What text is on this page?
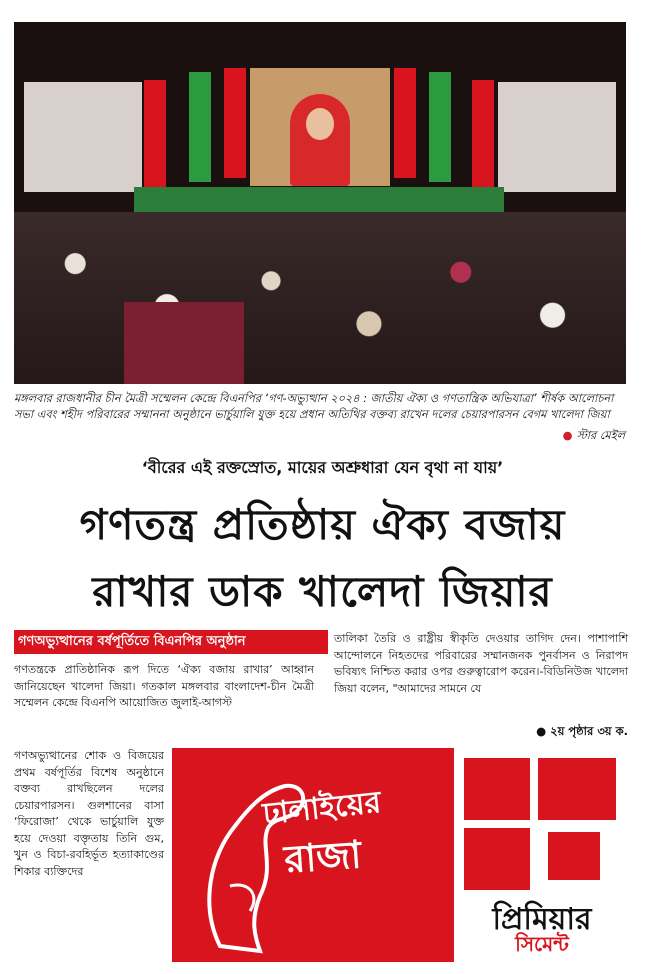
মঙ্গলবার রাজধানীর চীন মৈত্রী সম্মেলন কেন্দ্রে বিএনপির ‘গণ-অভ্যুত্থান ২০২৪ : জাতীয় ঐক্য ও গণতান্ত্রিক অভিযাত্রা’ শীর্ষক আলোচনা সভা এবং শহীদ পরিবারের সম্মাননা অনুষ্ঠানে ভার্চুয়ালি যুক্ত হয়ে প্রধান অতিথির বক্তব্য রাখেন দলের চেয়ারপারসন বেগম খালেদা জিয়া
● স্টার মেইল
‘বীরের এই রক্তস্রোত, মায়ের অশ্রুধারা যেন বৃথা না যায়’
গণতন্ত্র প্রতিষ্ঠায় ঐক্য বজায়
রাখার ডাক খালেদা জিয়ার
গণঅভ্যুত্থানের বর্ষপূর্তিতে বিএনপির অনুষ্ঠান
গণতন্ত্রকে প্রাতিষ্ঠানিক রূপ দিতে ‘ঐক্য বজায় রাখার’ আহ্বান জানিয়েছেন খালেদা জিয়া। গতকাল মঙ্গলবার বাংলাদেশ-চীন মৈত্রী সম্মেলন কেন্দ্রে বিএনপি আয়োজিত জুলাই-আগস্ট
গণঅভ্যুত্থানের শোক ও বিজয়ের প্রথম বর্ষপূর্তির বিশেষ অনুষ্ঠানে বক্তব্য রাখছিলেন দলের চেয়ারপারসন। গুলশানের বাসা ‘ফিরোজা’ থেকে ভার্চুয়ালি যুক্ত হয়ে দেওয়া বক্তৃতায় তিনি গুম, খুন ও বিচা-রবহির্ভূত হত্যাকাণ্ডের শিকার ব্যক্তিদের
তালিকা তৈরি ও রাষ্ট্রীয় স্বীকৃতি দেওয়ার তাগিদ দেন। পাশাপাশি আন্দোলনে নিহতদের পরিবারের সম্মানজনক পুনর্বাসন ও নিরাপদ ভবিষ্যৎ নিশ্চিত করার ওপর গুরুত্বারোপ করেন।-বিডিনিউজ খালেদা জিয়া বলেন, "আমাদের সামনে যে
● ২য় পৃষ্ঠার ৩য় ক.
ঢালাইয়ের
রাজা
প্রিমিয়ার
সিমেন্ট
